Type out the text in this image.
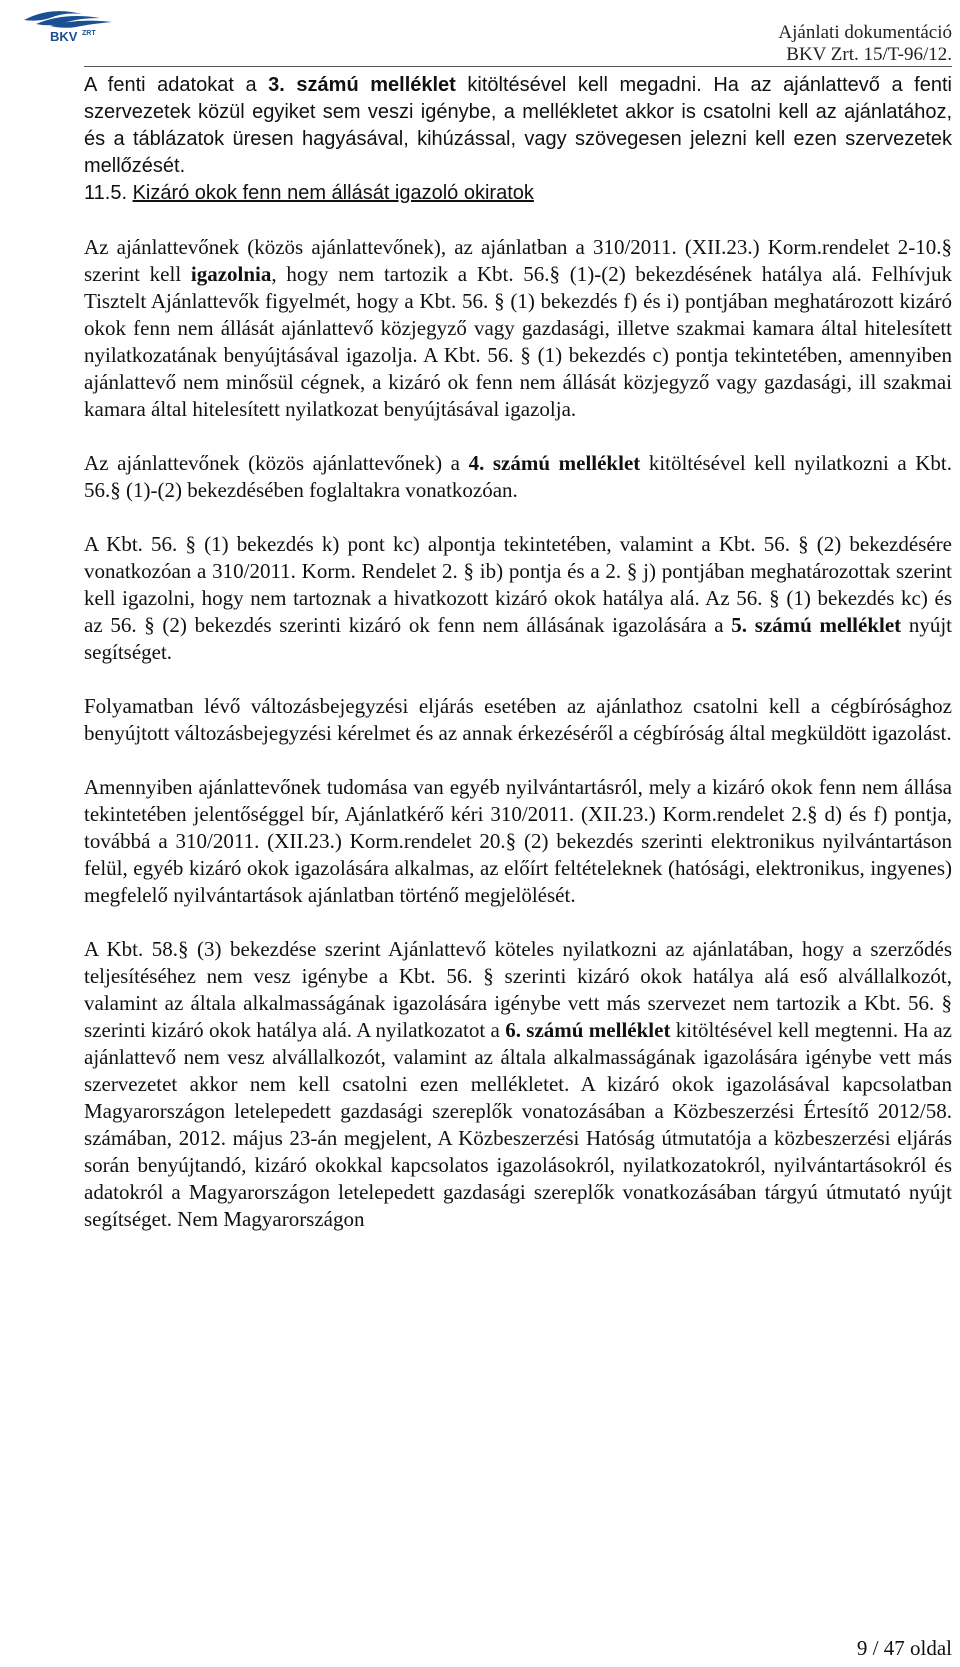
BKV ZRT	Ajánlati dokumentáció
BKV Zrt. 15/T-96/12.

A fenti adatokat a 3. számú melléklet kitöltésével kell megadni. Ha az ajánlattevő a fenti szervezetek közül egyiket sem veszi igénybe, a mellékletet akkor is csatolni kell az ajánlatához, és a táblázatok üresen hagyásával, kihúzással, vagy szövegesen jelezni kell ezen szervezetek mellőzését.

11.5. Kizáró okok fenn nem állását igazoló okiratok

Az ajánlattevőnek (közös ajánlattevőnek), az ajánlatban a 310/2011. (XII.23.) Korm.rendelet 2-10.§ szerint kell igazolnia, hogy nem tartozik a Kbt. 56.§ (1)-(2) bekezdésének hatálya alá. Felhívjuk Tisztelt Ajánlattevők figyelmét, hogy a Kbt. 56. § (1) bekezdés f) és i) pontjában meghatározott kizáró okok fenn nem állását ajánlattevő közjegyző vagy gazdasági, illetve szakmai kamara által hitelesített nyilatkozatának benyújtásával igazolja. A Kbt. 56. § (1) bekezdés c) pontja tekintetében, amennyiben ajánlattevő nem minősül cégnek, a kizáró ok fenn nem állását közjegyző vagy gazdasági, ill szakmai kamara által hitelesített nyilatkozat benyújtásával igazolja.

Az ajánlattevőnek (közös ajánlattevőnek) a 4. számú melléklet kitöltésével kell nyilatkozni a Kbt. 56.§ (1)-(2) bekezdésében foglaltakra vonatkozóan.

A Kbt. 56. § (1) bekezdés k) pont kc) alpontja tekintetében, valamint a Kbt. 56. § (2) bekezdésére vonatkozóan a 310/2011. Korm. Rendelet 2. § ib) pontja és a 2. § j) pontjában meghatározottak szerint kell igazolni, hogy nem tartoznak a hivatkozott kizáró okok hatálya alá. Az 56. § (1) bekezdés kc) és az 56. § (2) bekezdés szerinti kizáró ok fenn nem állásának igazolására a 5. számú melléklet nyújt segítséget.

Folyamatban lévő változásbejegyzési eljárás esetében az ajánlathoz csatolni kell a cégbírósághoz benyújtott változásbejegyzési kérelmet és az annak érkezéséről a cégbíróság által megküldött igazolást.

Amennyiben ajánlattevőnek tudomása van egyéb nyilvántartásról, mely a kizáró okok fenn nem állása tekintetében jelentőséggel bír, Ajánlatkérő kéri 310/2011. (XII.23.) Korm.rendelet 2.§ d) és f) pontja, továbbá a 310/2011. (XII.23.) Korm.rendelet 20.§ (2) bekezdés szerinti elektronikus nyilvántartáson felül, egyéb kizáró okok igazolására alkalmas, az előírt feltételeknek (hatósági, elektronikus, ingyenes) megfelelő nyilvántartások ajánlatban történő megjelölését.

A Kbt. 58.§ (3) bekezdése szerint Ajánlattevő köteles nyilatkozni az ajánlatában, hogy a szerződés teljesítéséhez nem vesz igénybe a Kbt. 56. § szerinti kizáró okok hatálya alá eső alvállalkozót, valamint az általa alkalmasságának igazolására igénybe vett más szervezet nem tartozik a Kbt. 56. § szerinti kizáró okok hatálya alá. A nyilatkozatot a 6. számú melléklet kitöltésével kell megtenni. Ha az ajánlattevő nem vesz alvállalkozót, valamint az általa alkalmasságának igazolására igénybe vett más szervezetet akkor nem kell csatolni ezen mellékletet. A kizáró okok igazolásával kapcsolatban Magyarországon letelepedett gazdasági szereplők vonatozásában a Közbeszerzési Értesítő 2012/58. számában, 2012. május 23-án megjelent, A Közbeszerzési Hatóság útmutatója a közbeszerzési eljárás során benyújtandó, kizáró okokkal kapcsolatos igazolásokról, nyilatkozatokról, nyilvántartásokról és adatokról a Magyarországon letelepedett gazdasági szereplők vonatkozásában tárgyú útmutató nyújt segítséget. Nem Magyarországon

9 / 47 oldal
